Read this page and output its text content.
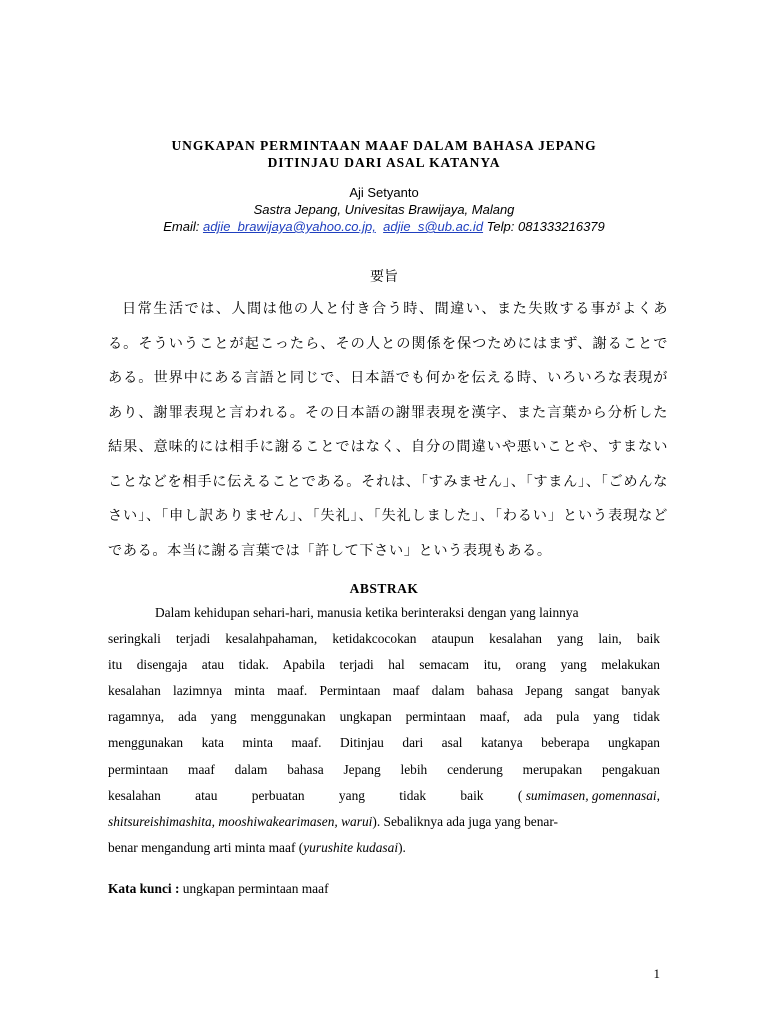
UNGKAPAN PERMINTAAN MAAF DALAM BAHASA JEPANG
DITINJAU DARI ASAL KATANYA
Aji Setyanto
Sastra Jepang, Univesitas Brawijaya, Malang
Email: adjie_brawijaya@yahoo.co.jp, adjie_s@ub.ac.id Telp: 081333216379
要旨
日常生活では、人間は他の人と付き合う時、間違い、また失敗する事がよくある。そういうことが起こったら、その人との関係を保つためにはまず、謝ることである。世界中にある言語と同じで、日本語でも何かを伝える時、いろいろな表現があり、謝罪表現と言われる。その日本語の謝罪表現を漢字、また言葉から分析した結果、意味的には相手に謝ることではなく、自分の間違いや悪いことや、すまないことなどを相手に伝えることである。それは、「すみません」、「すまん」、「ごめんなさい」、「申し訳ありません」、「失礼」、「失礼しました」、「わるい」という表現などである。本当に謝る言葉では「許して下さい」という表現もある。
ABSTRAK
Dalam kehidupan sehari-hari, manusia ketika berinteraksi dengan yang lainnya
seringkali terjadi kesalahpahaman, ketidakcocokan ataupun kesalahan yang lain, baik
itu disengaja atau tidak. Apabila terjadi hal semacam itu, orang yang melakukan
kesalahan lazimnya minta maaf. Permintaan maaf dalam bahasa Jepang sangat banyak
ragamnya, ada yang menggunakan ungkapan permintaan maaf, ada pula yang tidak
menggunakan kata minta maaf. Ditinjau dari asal katanya beberapa ungkapan
permintaan maaf dalam bahasa Jepang lebih cenderung merupakan pengakuan
kesalahan atau perbuatan yang tidak baik ( sumimasen, gomennasai,
shitsureishimashita, mooshiwakearimasen, warui). Sebaliknya ada juga yang benar-
benar mengandung arti minta maaf (yurushite kudasai).
Kata kunci : ungkapan permintaan maaf
1
